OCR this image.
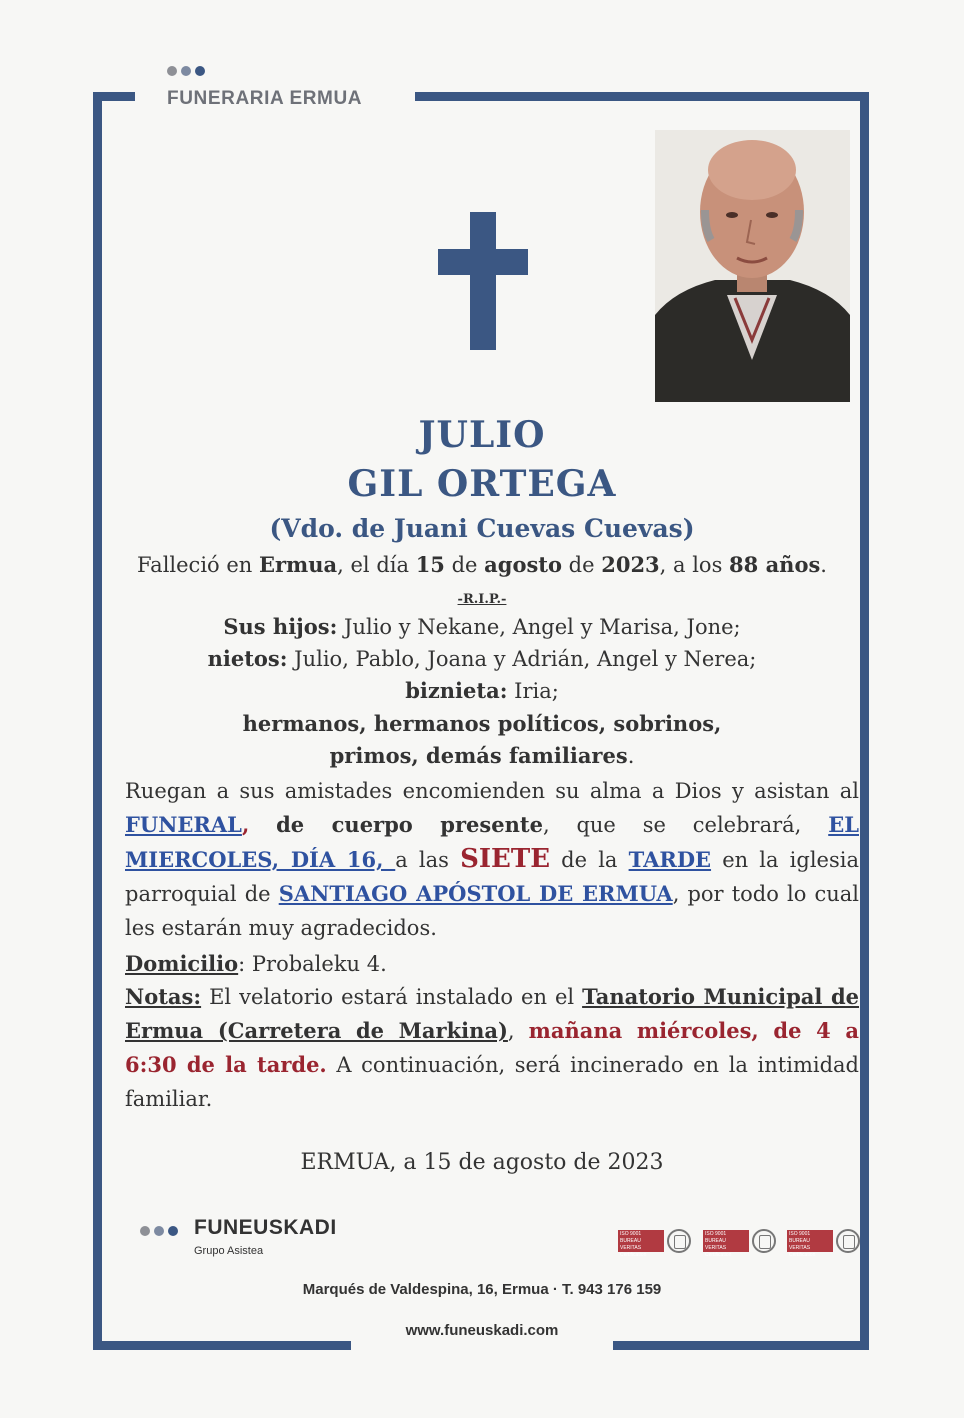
FUNERARIA ERMUA
JULIO
GIL ORTEGA
(Vdo. de Juani Cuevas Cuevas)
Falleció en Ermua, el día 15 de agosto de 2023, a los 88 años.
-R.I.P.-
Sus hijos: Julio y Nekane, Angel y Marisa, Jone;
nietos: Julio, Pablo, Joana y Adrián, Angel y Nerea;
biznieta: Iria;
hermanos, hermanos políticos, sobrinos,
primos, demás familiares.
Ruegan a sus amistades encomienden su alma a Dios y asistan al FUNERAL, de cuerpo presente, que se celebrará, EL MIERCOLES, DÍA 16, a las SIETE de la TARDE en la iglesia parroquial de SANTIAGO APÓSTOL DE ERMUA, por todo lo cual les estarán muy agradecidos.
Domicilio: Probaleku 4.
Notas: El velatorio estará instalado en el Tanatorio Municipal de Ermua (Carretera de Markina), mañana miércoles, de 4 a 6:30 de la tarde. A continuación, será incinerado en la intimidad familiar.
ERMUA, a 15 de agosto de 2023
FUNEUSKADI
Grupo Asistea
ISO 9001 BUREAU VERITAS Certification
ISO 9001 BUREAU VERITAS Certification
ISO 9001 BUREAU VERITAS Certification
Marqués de Valdespina, 16, Ermua · T. 943 176 159
www.funeuskadi.com
